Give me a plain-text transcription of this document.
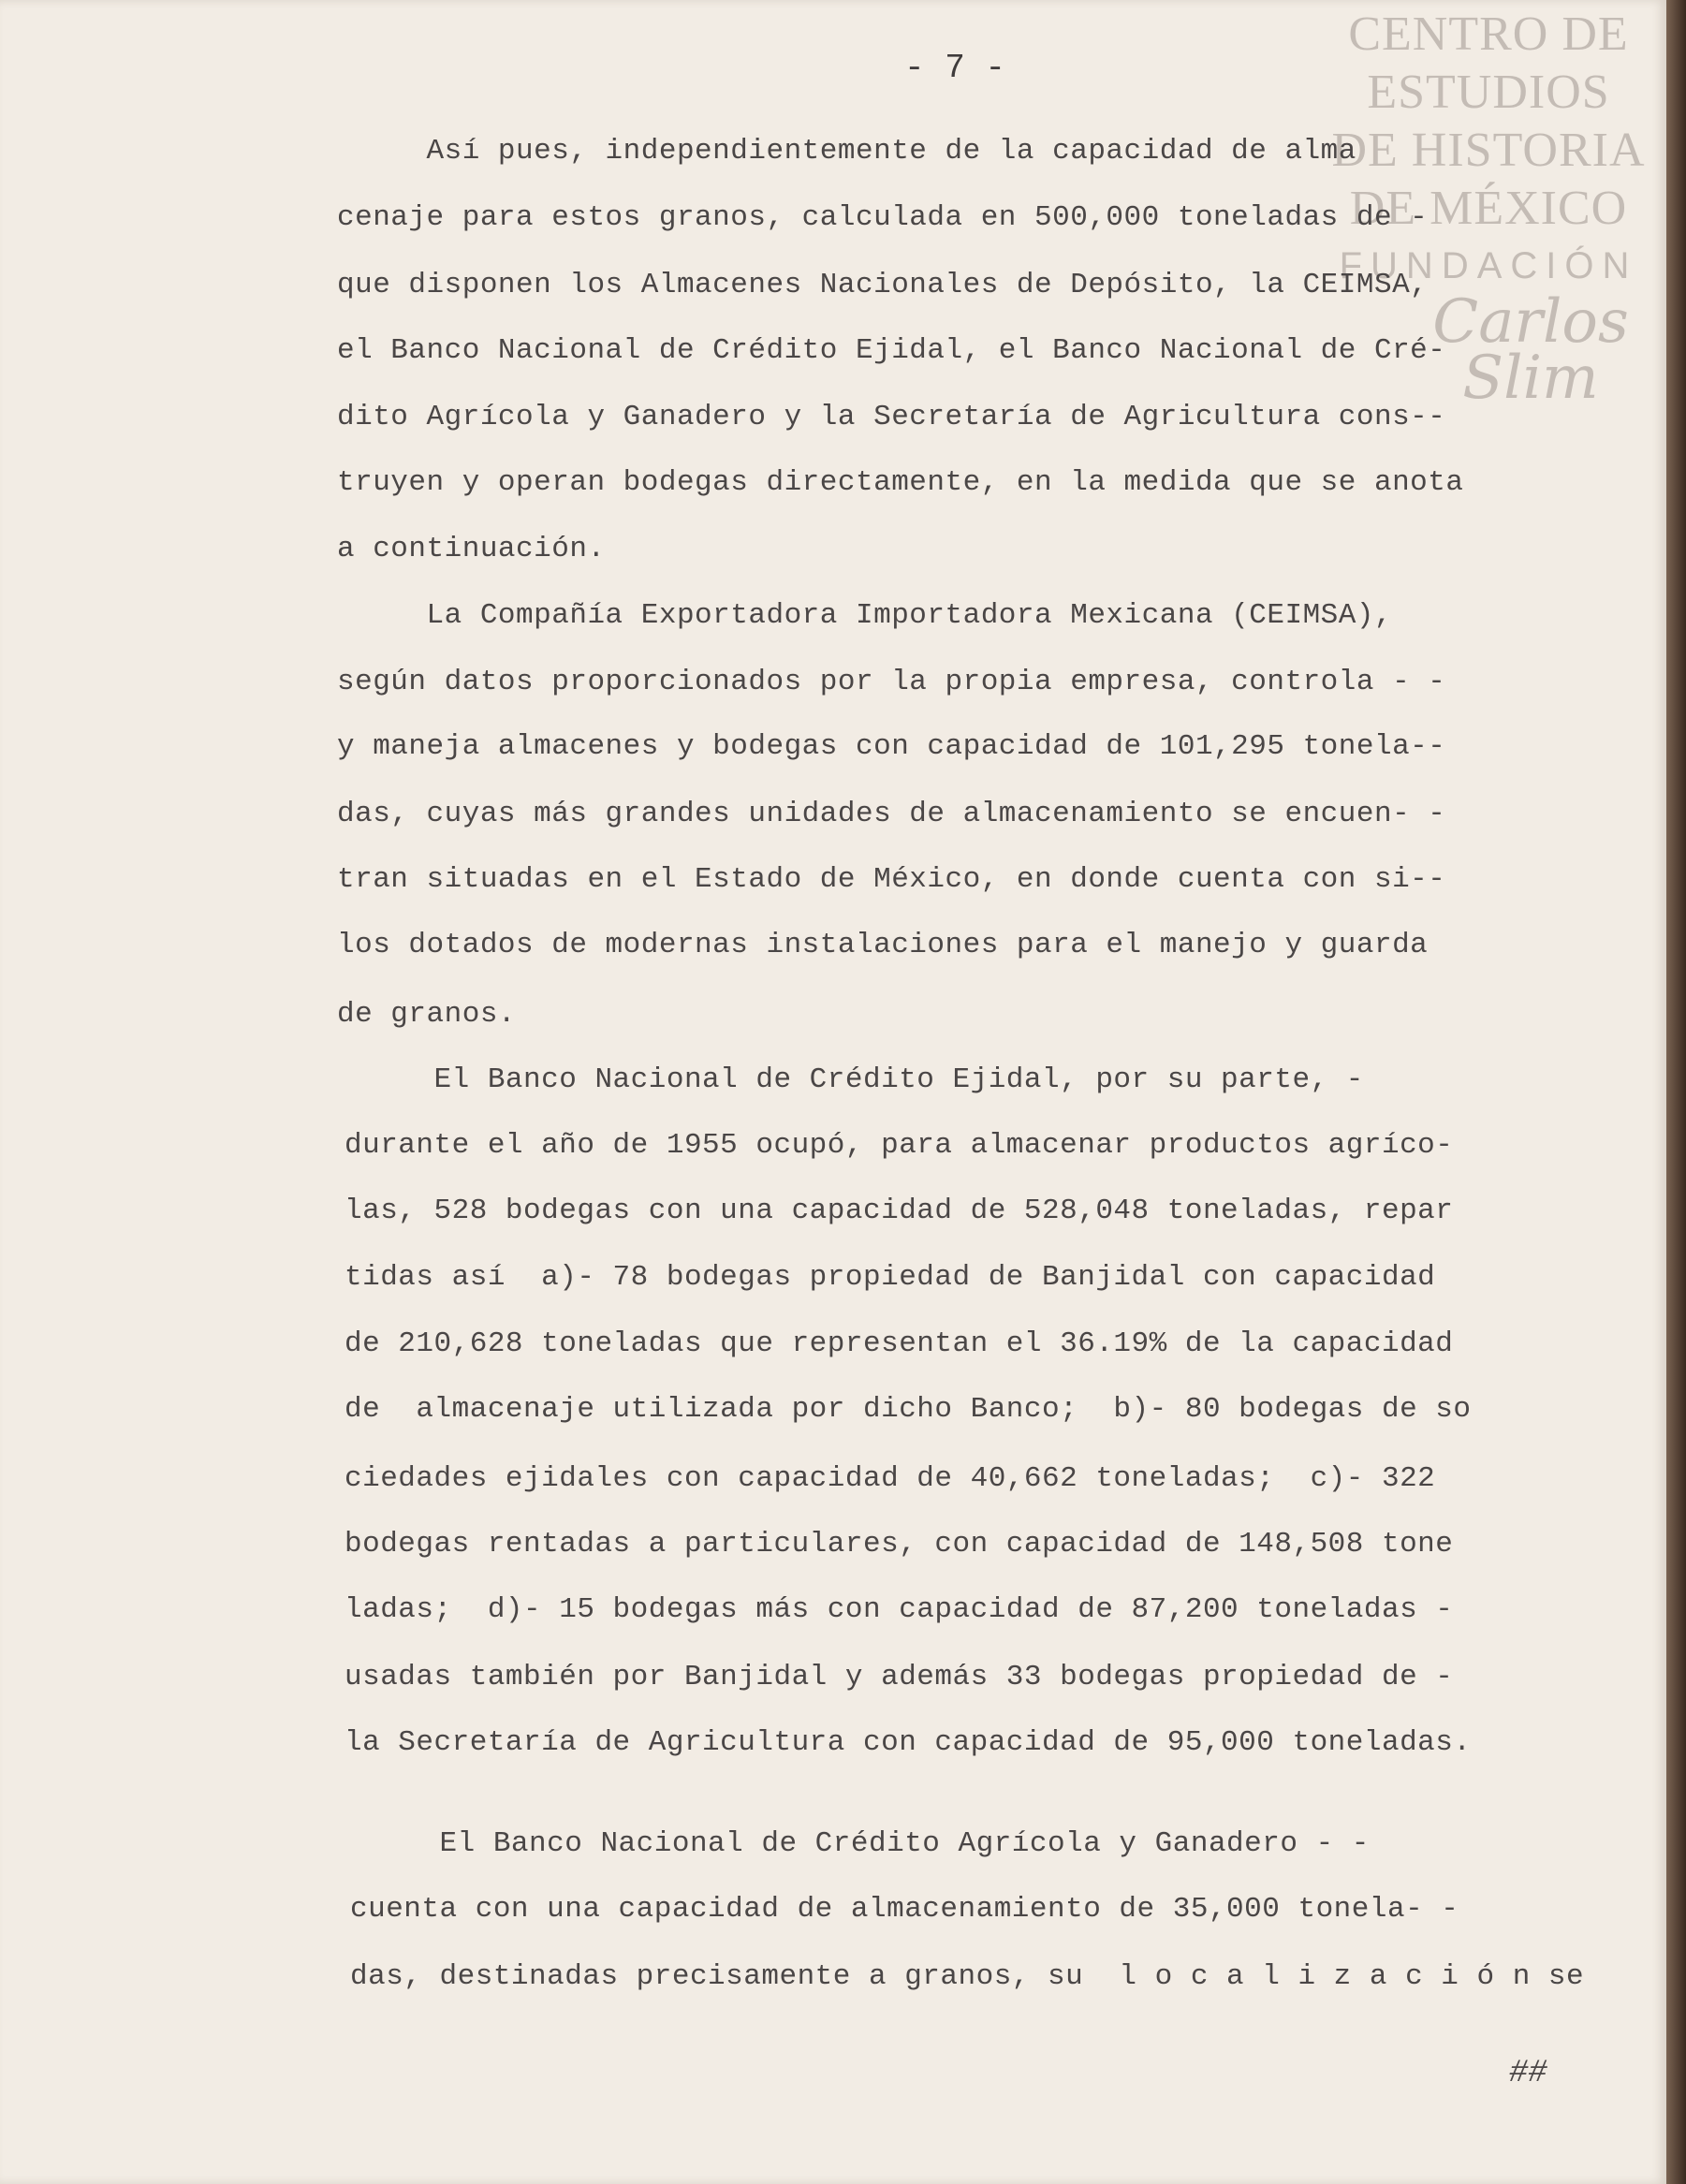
CENTRO DE
ESTUDIOS
DE HISTORIA
DE MÉXICO
FUNDACIÓN
Carlos Slim
- 7 -
Así pues, independientemente de la capacidad de alma
cenaje para estos granos, calculada en 500,000 toneladas de -
que disponen los Almacenes Nacionales de Depósito, la CEIMSA,
el Banco Nacional de Crédito Ejidal, el Banco Nacional de Cré-
dito Agrícola y Ganadero y la Secretaría de Agricultura cons--
truyen y operan bodegas directamente, en la medida que se anota
a continuación.
La Compañía Exportadora Importadora Mexicana (CEIMSA),
según datos proporcionados por la propia empresa, controla - -
y maneja almacenes y bodegas con capacidad de 101,295 tonela--
das, cuyas más grandes unidades de almacenamiento se encuen- -
tran situadas en el Estado de México, en donde cuenta con si--
los dotados de modernas instalaciones para el manejo y guarda
de granos.
El Banco Nacional de Crédito Ejidal, por su parte, -
durante el año de 1955 ocupó, para almacenar productos agríco-
las, 528 bodegas con una capacidad de 528,048 toneladas, repar
tidas así  a)- 78 bodegas propiedad de Banjidal con capacidad
de 210,628 toneladas que representan el 36.19% de la capacidad
de  almacenaje utilizada por dicho Banco;  b)- 80 bodegas de so
ciedades ejidales con capacidad de 40,662 toneladas;  c)- 322
bodegas rentadas a particulares, con capacidad de 148,508 tone
ladas;  d)- 15 bodegas más con capacidad de 87,200 toneladas -
usadas también por Banjidal y además 33 bodegas propiedad de -
la Secretaría de Agricultura con capacidad de 95,000 toneladas.
El Banco Nacional de Crédito Agrícola y Ganadero - -
cuenta con una capacidad de almacenamiento de 35,000 tonela- -
das, destinadas precisamente a granos, su  l o c a l i z a c i ó n se
##
